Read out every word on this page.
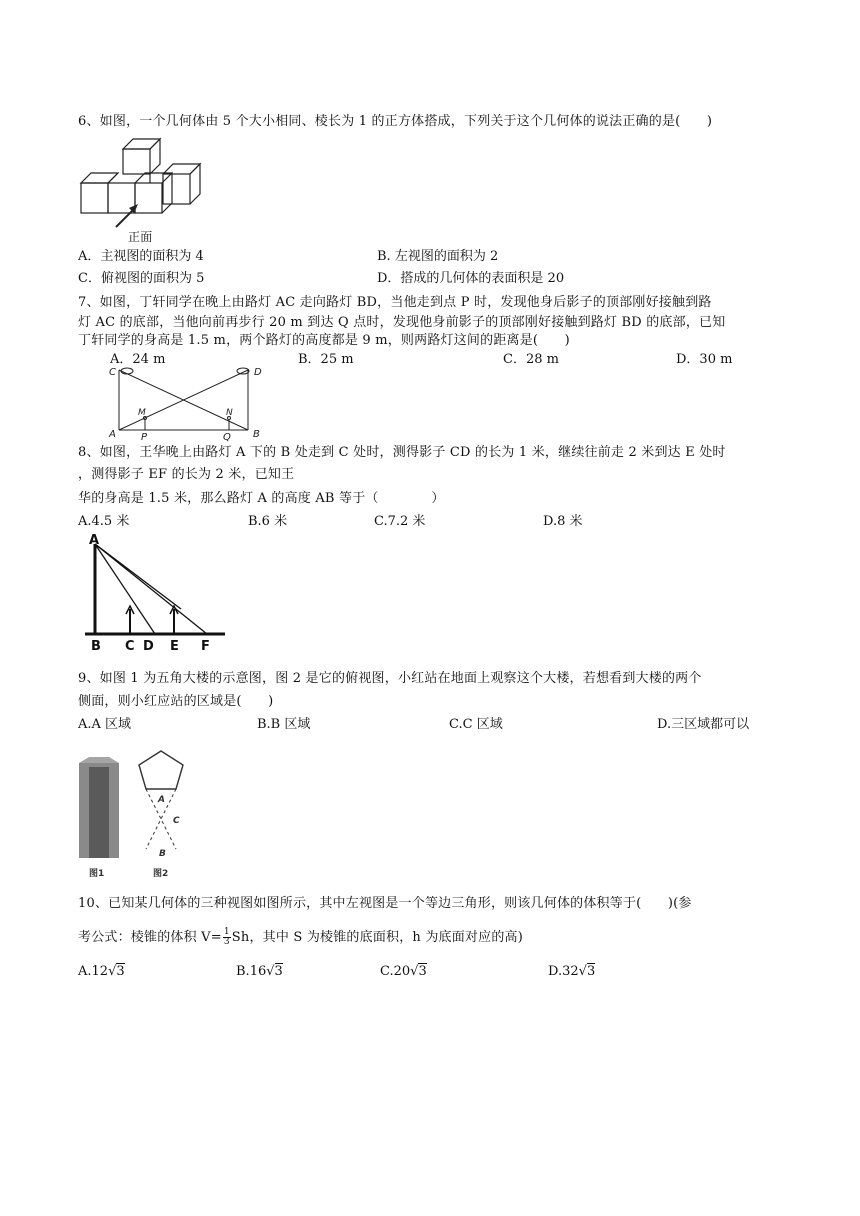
6、如图，一个几何体由 5 个大小相同、棱长为 1 的正方体搭成，下列关于这个几何体的说法正确的是(　　)
正面
A．主视图的面积为 4	B. 左视图的面积为 2
C．俯视图的面积为 5	D．搭成的几何体的表面积是 20
7、如图，丁轩同学在晚上由路灯 AC 走向路灯 BD，当他走到点 P 时，发现他身后影子的顶部刚好接触到路
灯 AC 的底部，当他向前再步行 20 m 到达 Q 点时，发现他身前影子的顶部刚好接触到路灯 BD 的底部，已知
丁轩同学的身高是 1.5 m，两个路灯的高度都是 9 m，则两路灯这间的距离是(　　)
A．24 m	B．25 m	C．28 m	D．30 m
C	D
M	N
A	P	Q B
8、如图，王华晚上由路灯 A 下的 B 处走到 C 处时，测得影子 CD 的长为 1 米，继续往前走 2 米到达 E 处时
，测得影子 EF 的长为 2 米，已知王
华的身高是 1.5 米，那么路灯 A 的高度 AB 等于（　　　　）
A.4.5 米	B.6 米	C.7.2 米	D.8 米
A
B C D E F
9、如图 1 为五角大楼的示意图，图 2 是它的俯视图，小红站在地面上观察这个大楼，若想看到大楼的两个
侧面，则小红应站的区域是(　　)
A.A 区域	B.B 区域	C.C 区域	D.三区域都可以
A
C
B
图1	图2
10、已知某几何体的三种视图如图所示，其中左视图是一个等边三角形，则该几何体的体积等于(　　)(参
考公式：棱锥的体积 $V= \frac{1}{3}$ Sh，其中 S 为棱锥的底面积，h 为底面对应的高)
A.12√3	B.16√3	C.20√3	D.32√3
